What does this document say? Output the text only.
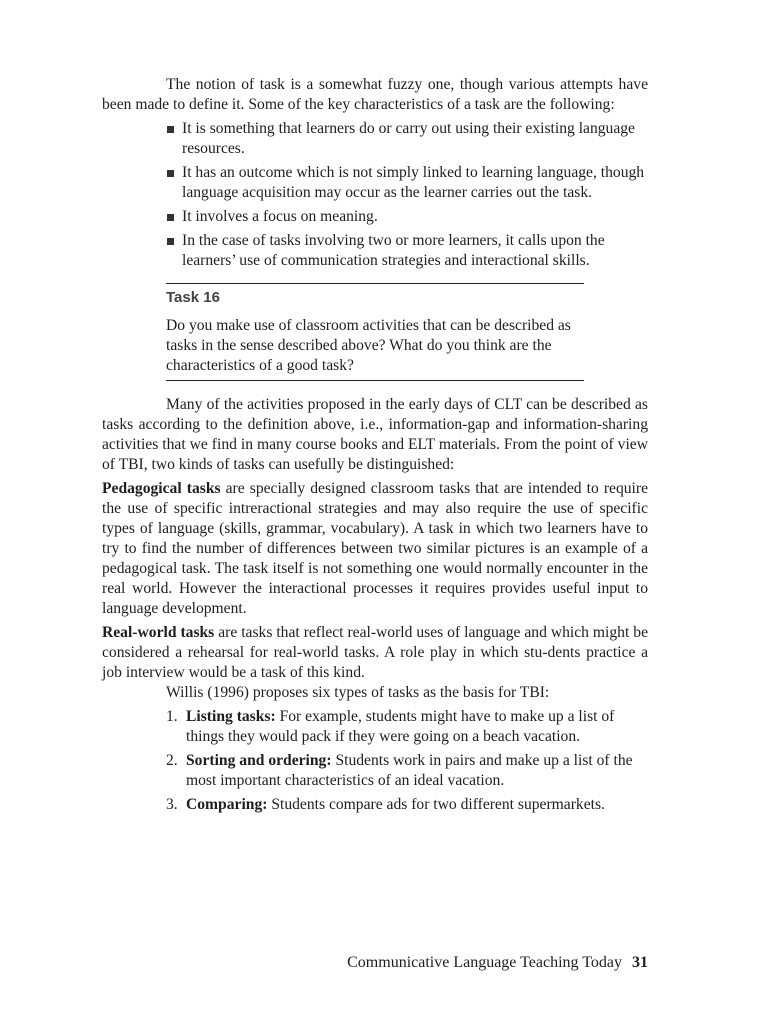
The notion of task is a somewhat fuzzy one, though various attempts have been made to define it. Some of the key characteristics of a task are the following:

It is something that learners do or carry out using their existing language resources.
It has an outcome which is not simply linked to learning language, though language acquisition may occur as the learner carries out the task.
It involves a focus on meaning.
In the case of tasks involving two or more learners, it calls upon the learners’ use of communication strategies and interactional skills.
Task 16
Do you make use of classroom activities that can be described as tasks in the sense described above? What do you think are the characteristics of a good task?

Many of the activities proposed in the early days of CLT can be described as tasks according to the definition above, i.e., information-gap and information-sharing activities that we find in many course books and ELT materials. From the point of view of TBI, two kinds of tasks can usefully be distinguished:

Pedagogical tasks are specially designed classroom tasks that are intended to require the use of specific intreractional strategies and may also require the use of specific types of language (skills, grammar, vocabulary). A task in which two learners have to try to find the number of differences between two similar pictures is an example of a pedagogical task. The task itself is not something one would normally encounter in the real world. However the interactional processes it requires provides useful input to language development.

Real-world tasks are tasks that reflect real-world uses of language and which might be considered a rehearsal for real-world tasks. A role play in which stu-dents practice a job interview would be a task of this kind.

Willis (1996) proposes six types of tasks as the basis for TBI:

1. Listing tasks: For example, students might have to make up a list of things they would pack if they were going on a beach vacation.
2. Sorting and ordering: Students work in pairs and make up a list of the most important characteristics of an ideal vacation.
3. Comparing: Students compare ads for two different supermarkets.
Communicative Language Teaching Today 31
